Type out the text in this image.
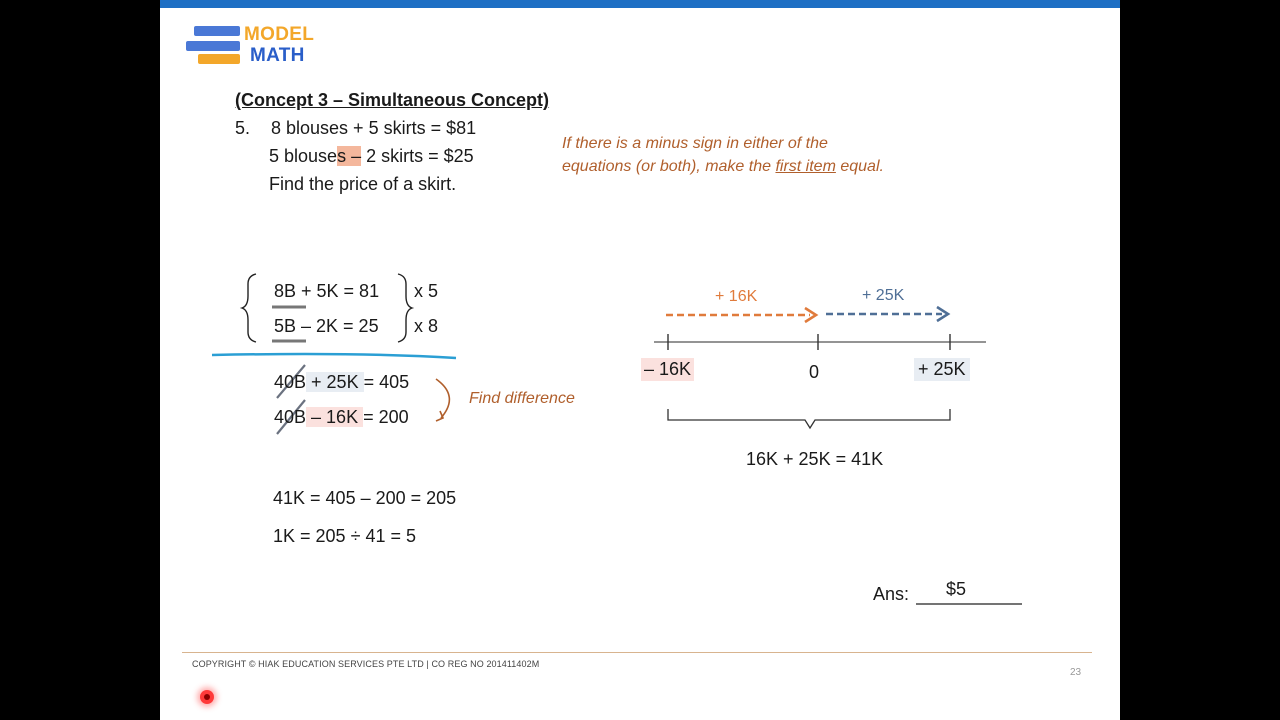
MODEL
MATH
(Concept 3 – Simultaneous Concept)
5. 8 blouses + 5 skirts = $81
5 blouses – 2 skirts = $25
Find the price of a skirt.
If there is a minus sign in either of the
equations (or both), make the first item equal.
8B + 5K = 81
5B – 2K = 25
x 5
x 8
40B + 25K = 405
40B – 16K = 200
Find difference
41K = 405 – 200 = 205
1K = 205 ÷ 41 = 5
+ 16K	+ 25K
– 16K	0	+ 25K
16K + 25K = 41K
Ans: $5
COPYRIGHT © HIAK EDUCATION SERVICES PTE LTD | CO REG NO 201411402M
23
